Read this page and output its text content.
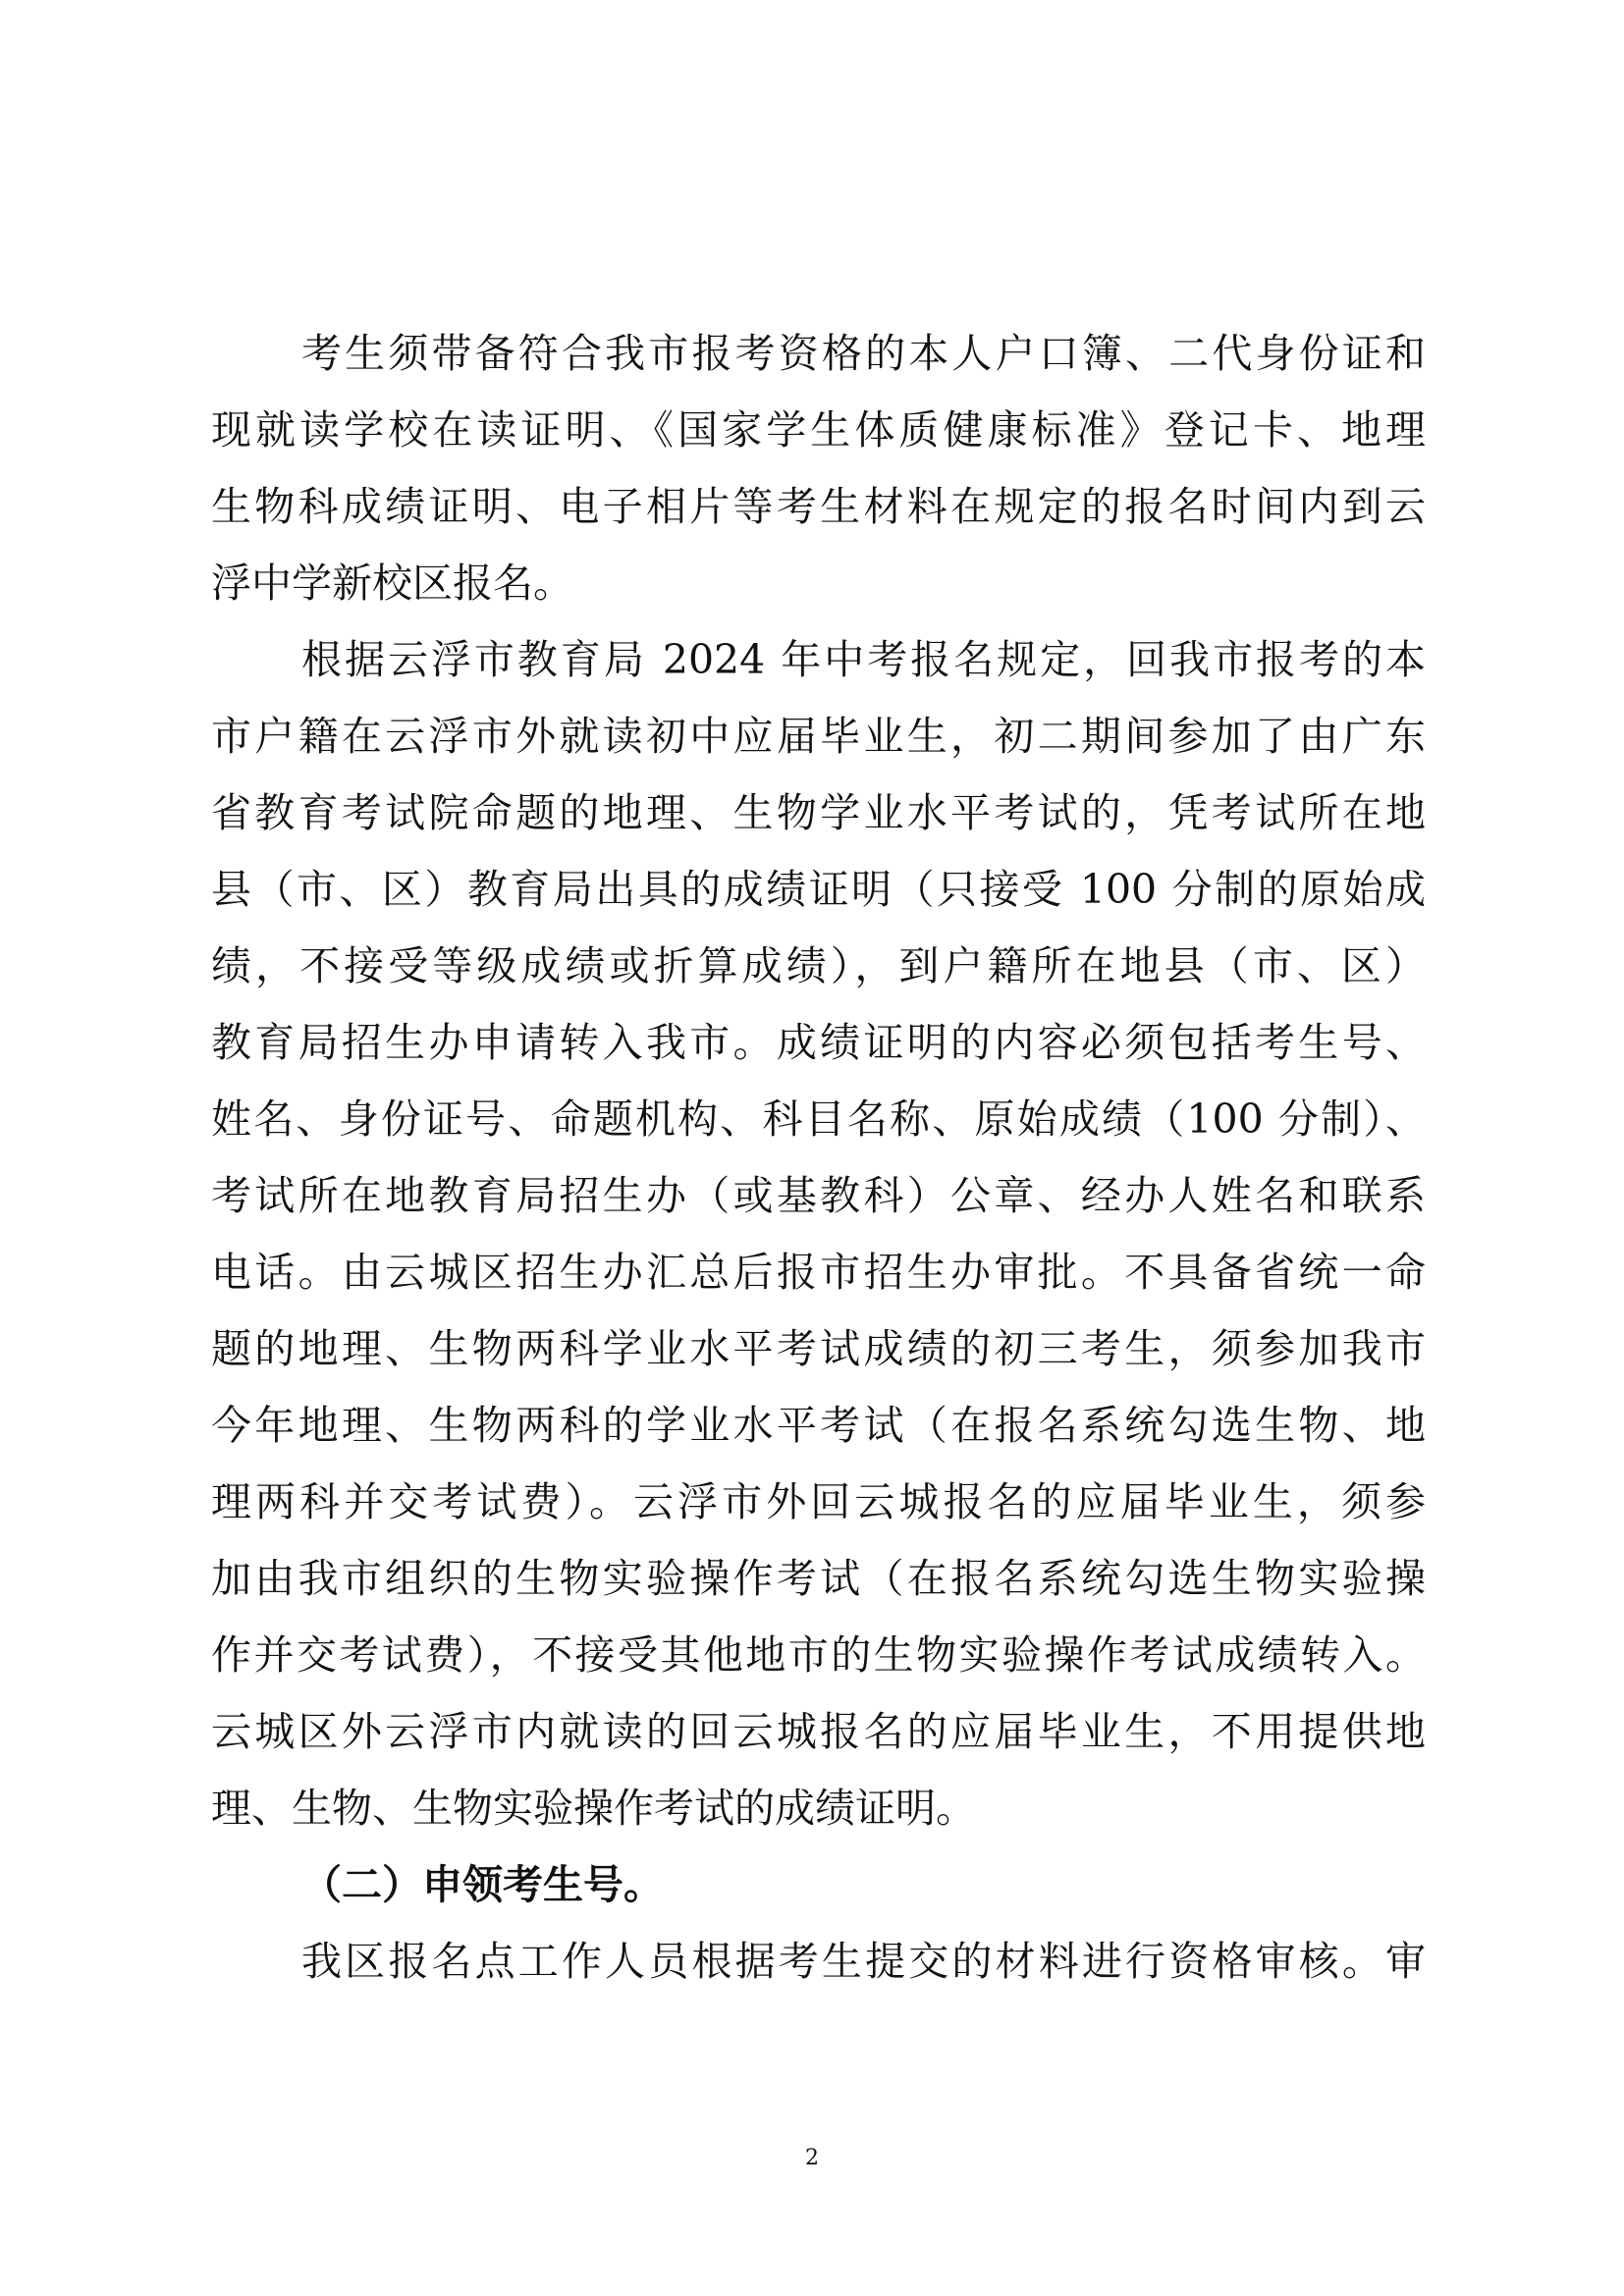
考生须带备符合我市报考资格的本人户口簿、二代身份证和
现就读学校在读证明、《国家学生体质健康标准》登记卡、地理
生物科成绩证明、电子相片等考生材料在规定的报名时间内到云
浮中学新校区报名。
根据云浮市教育局 2024 年中考报名规定，回我市报考的本
市户籍在云浮市外就读初中应届毕业生，初二期间参加了由广东
省教育考试院命题的地理、生物学业水平考试的，凭考试所在地
县（市、区）教育局出具的成绩证明（只接受 100 分制的原始成
绩，不接受等级成绩或折算成绩），到户籍所在地县（市、区）
教育局招生办申请转入我市。成绩证明的内容必须包括考生号、
姓名、身份证号、命题机构、科目名称、原始成绩（100 分制）、
考试所在地教育局招生办（或基教科）公章、经办人姓名和联系
电话。由云城区招生办汇总后报市招生办审批。不具备省统一命
题的地理、生物两科学业水平考试成绩的初三考生，须参加我市
今年地理、生物两科的学业水平考试（在报名系统勾选生物、地
理两科并交考试费）。云浮市外回云城报名的应届毕业生，须参
加由我市组织的生物实验操作考试（在报名系统勾选生物实验操
作并交考试费），不接受其他地市的生物实验操作考试成绩转入。
云城区外云浮市内就读的回云城报名的应届毕业生，不用提供地
理、生物、生物实验操作考试的成绩证明。
（二）申领考生号。
我区报名点工作人员根据考生提交的材料进行资格审核。审
2
